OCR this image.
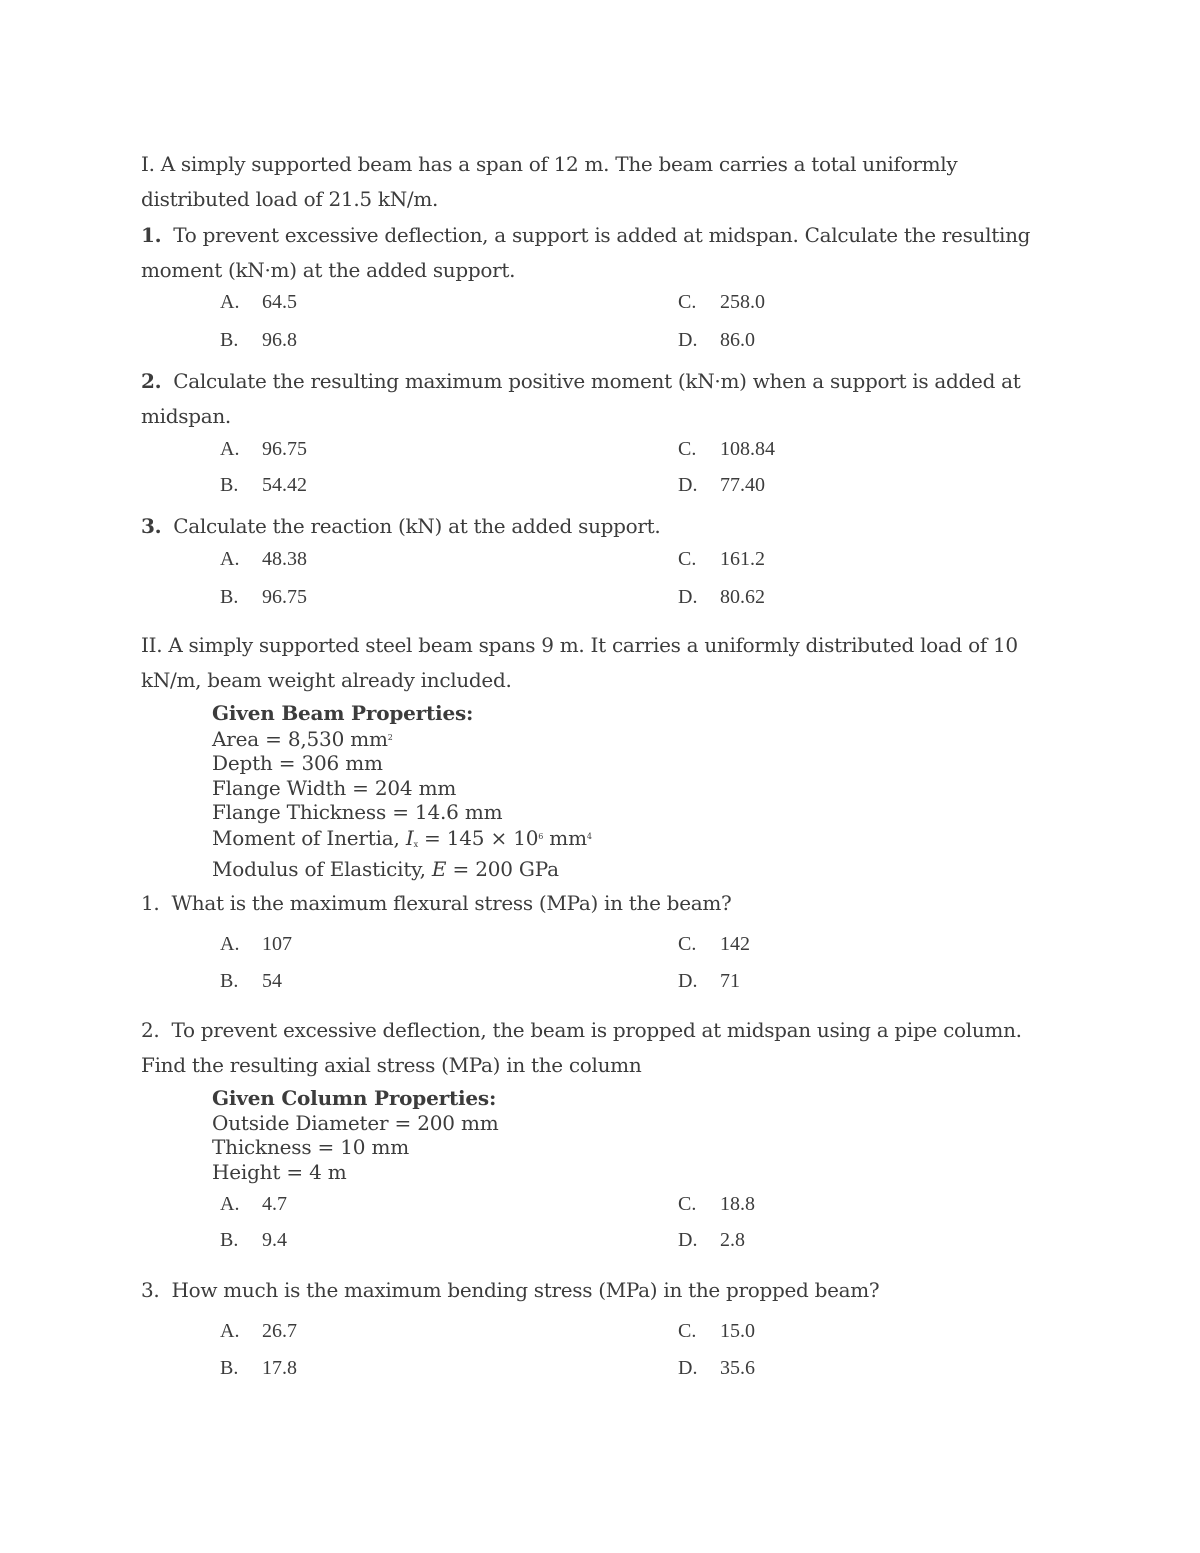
I. A simply supported beam has a span of 12 m. The beam carries a total uniformly distributed load of 21.5 kN/m.
1. To prevent excessive deflection, a support is added at midspan. Calculate the resulting moment (kN·m) at the added support.
A. 64.5
B. 96.8
C. 258.0
D. 86.0
2. Calculate the resulting maximum positive moment (kN·m) when a support is added at midspan.
A. 96.75
B. 54.42
C. 108.84
D. 77.40
3. Calculate the reaction (kN) at the added support.
A. 48.38
B. 96.75
C. 161.2
D. 80.62
II. A simply supported steel beam spans 9 m. It carries a uniformly distributed load of 10 kN/m, beam weight already included.
Given Beam Properties:
Area = 8,530 $mm^2$
Depth = 306 mm
Flange Width = 204 mm
Flange Thickness = 14.6 mm
Moment of Inertia, $I_x = 145 \times 10^6$ $mm^4$
Modulus of Elasticity, E = 200 GPa
1. What is the maximum flexural stress (MPa) in the beam?
A. 107
B. 54
C. 142
D. 71
2. To prevent excessive deflection, the beam is propped at midspan using a pipe column. Find the resulting axial stress (MPa) in the column
Given Column Properties:
Outside Diameter = 200 mm
Thickness = 10 mm
Height = 4 m
A. 4.7
B. 9.4
C. 18.8
D. 2.8
3. How much is the maximum bending stress (MPa) in the propped beam?
A. 26.7
B. 17.8
C. 15.0
D. 35.6
